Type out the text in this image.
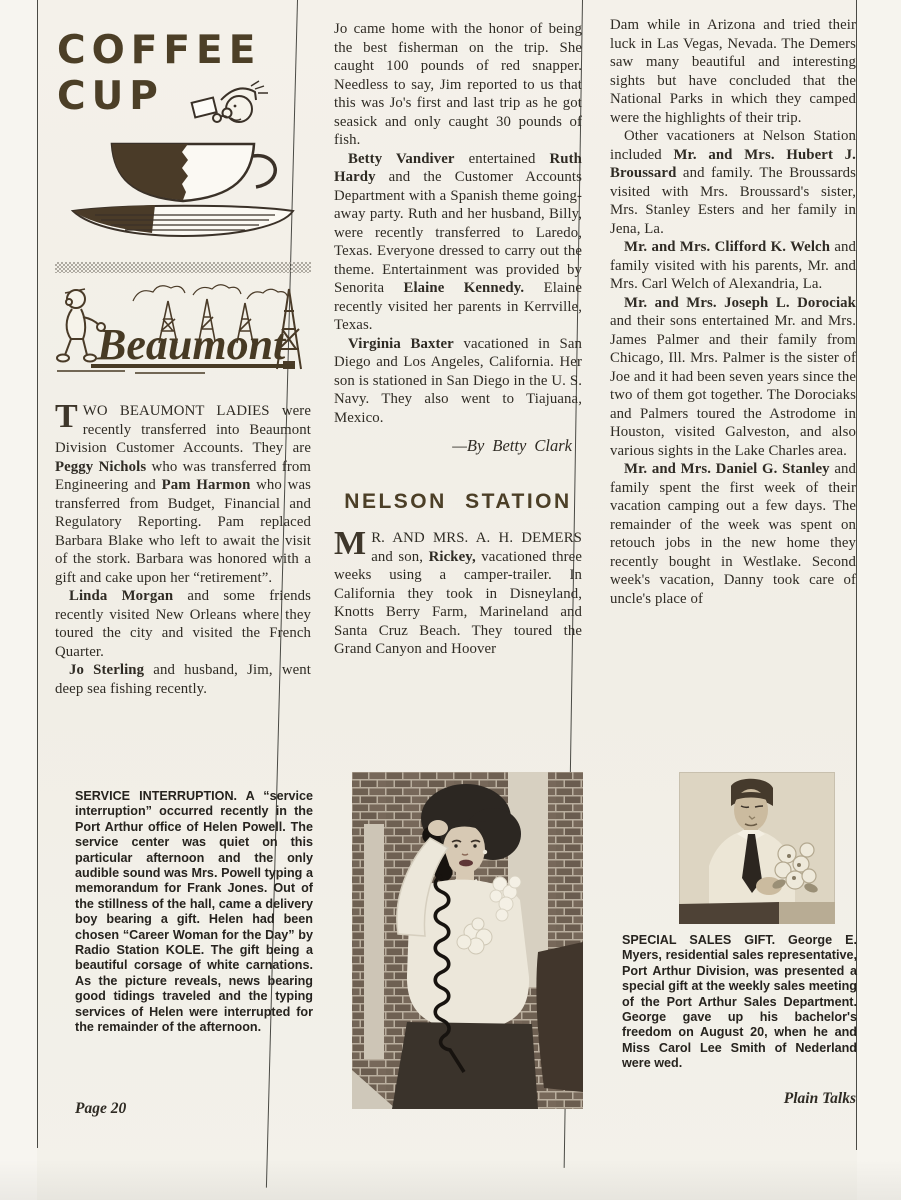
COFFEE
CUP
Beaumont

TWO BEAUMONT LADIES were recently transferred into Beaumont Division Customer Accounts. They are Peggy Nichols who was transferred from Engineering and Pam Harmon who was transferred from Budget, Financial and Regulatory Reporting. Pam replaced Barbara Blake who left to await the visit of the stork. Barbara was honored with a gift and cake upon her “retirement”.

Linda Morgan and some friends recently visited New Orleans where they toured the city and visited the French Quarter.

Jo Sterling and husband, Jim, went deep sea fishing recently.

Jo came home with the honor of being the best fisherman on the trip. She caught 100 pounds of red snapper. Needless to say, Jim reported to us that this was Jo's first and last trip as he got seasick and only caught 30 pounds of fish.

Betty Vandiver entertained Ruth Hardy and the Customer Accounts Department with a Spanish theme going-away party. Ruth and her husband, Billy, were recently transferred to Laredo, Texas. Everyone dressed to carry out the theme. Entertainment was provided by Senorita Elaine Kennedy. Elaine recently visited her parents in Kerrville, Texas.

Virginia Baxter vacationed in San Diego and Los Angeles, California. Her son is stationed in San Diego in the U. S. Navy. They also went to Tiajuana, Mexico.

—By Betty Clark
NELSON STATION

M R. AND MRS. A. H. DEMERS and son, Rickey, vacationed three weeks using a camper-trailer. In California they took in Disneyland, Knotts Berry Farm, Marineland and Santa Cruz Beach. They toured the Grand Canyon and Hoover

Dam while in Arizona and tried their luck in Las Vegas, Nevada. The Demers saw many beautiful and interesting sights but have concluded that the National Parks in which they camped were the highlights of their trip.

Other vacationers at Nelson Station included Mr. and Mrs. Hubert J. Broussard and family. The Broussards visited with Mrs. Broussard's sister, Mrs. Stanley Esters and her family in Jena, La.

Mr. and Mrs. Clifford K. Welch and family visited with his parents, Mr. and Mrs. Carl Welch of Alexandria, La.

Mr. and Mrs. Joseph L. Dorociak and their sons entertained Mr. and Mrs. James Palmer and their family from Chicago, Ill. Mrs. Palmer is the sister of Joe and it had been seven years since the two of them got together. The Dorociaks and Palmers toured the Astrodome in Houston, visited Galveston, and also various sights in the Lake Charles area.

Mr. and Mrs. Daniel G. Stanley and family spent the first week of their vacation camping out a few days. The remainder of the week was spent on retouch jobs in the new home they recently bought in Westlake. Second week's vacation, Danny took care of uncle's place of

SERVICE INTERRUPTION. A “service interruption” occurred recently in the Port Arthur office of Helen Powell. The service center was quiet on this particular afternoon and the only audible sound was Mrs. Powell typing a memorandum for Frank Jones. Out of the stillness of the hall, came a delivery boy bearing a gift. Helen had been chosen “Career Woman for the Day” by Radio Station KOLE. The gift being a beautiful corsage of white carnations. As the picture reveals, news bearing good tidings traveled and the typing services of Helen were interrupted for the remainder of the afternoon.
SPECIAL SALES GIFT. George E. Myers, residential sales representative, Port Arthur Division, was presented a special gift at the weekly sales meeting of the Port Arthur Sales Department. George gave up his bachelor's freedom on August 20, when he and Miss Carol Lee Smith of Nederland were wed.
Page 20
Plain Talks
